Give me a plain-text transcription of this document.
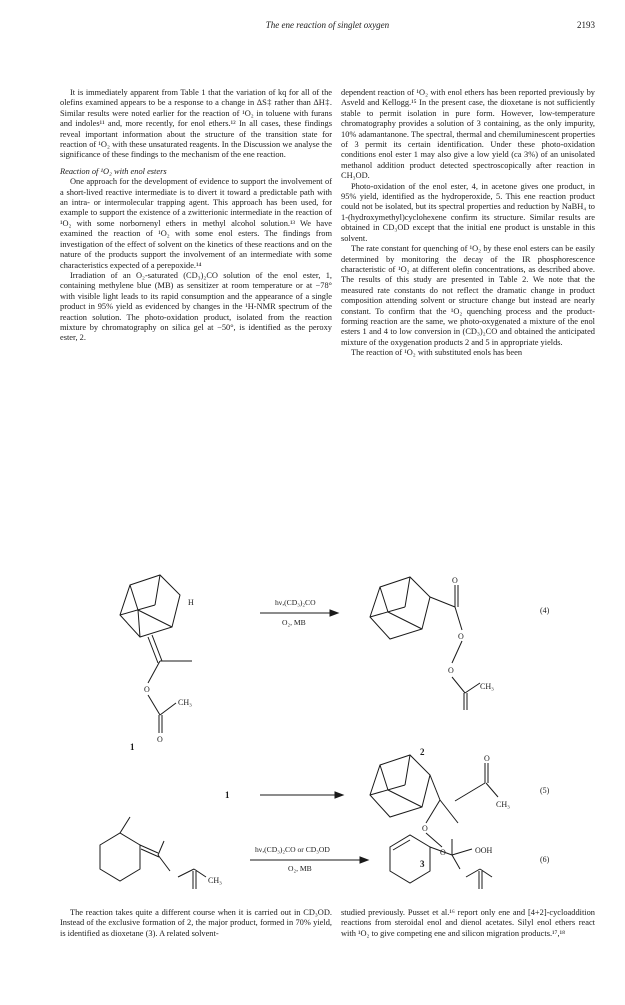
The ene reaction of singlet oxygen	2193

It is immediately apparent from Table 1 that the variation of kq for all of the olefins examined appears to be a response to a change in ΔS‡ rather than ΔH‡. Similar results were noted earlier for the reaction of ¹O₂ in toluene with furans and indoles¹¹ and, more recently, for enol ethers.¹² In all cases, these findings reveal important information about the structure of the transition state for reaction of ¹O₂ with these unsaturated reagents. In the Discussion we analyse the significance of these findings to the mechanism of the ene reaction.

Reaction of ¹O₂ with enol esters

One approach for the development of evidence to support the involvement of a short-lived reactive intermediate is to divert it toward a predictable path with an intra- or intermolecular trapping agent. This approach has been used, for example to support the existence of a zwitterionic intermediate in the reaction of ¹O₂ with some norbornenyl ethers in methyl alcohol solution.¹³ We have examined the reaction of ¹O₂ with some enol esters. The findings from investigation of the effect of solvent on the kinetics of these reactions and on the nature of the products support the involvement of an intermediate with some characteristics expected of a perepoxide.¹⁴

Irradiation of an O₂-saturated (CD₃)₂CO solution of the enol ester, 1, containing methylene blue (MB) as sensitizer at room temperature or at −78° with visible light leads to its rapid consumption and the appearance of a single product in 95% yield as evidenced by changes in the ¹H-NMR spectrum of the reaction solution. The photo-oxidation product, isolated from the reaction mixture by chromatography on silica gel at −50°, is identified as the peroxy ester, 2.

dependent reaction of ¹O₂ with enol ethers has been reported previously by Asveld and Kellogg.¹⁵ In the present case, the dioxetane is not sufficiently stable to permit isolation in pure form. However, low-temperature chromatography provides a solution of 3 containing, as the only impurity, 10% adamantanone. The spectral, thermal and chemiluminescent properties of 3 permit its certain identification. Under these photo-oxidation conditions enol ester 1 may also give a low yield (ca 3%) of an unisolated methanol addition product detected spectroscopically after reaction in CH₃OD.

Photo-oxidation of the enol ester, 4, in acetone gives one product, in 95% yield, identified as the hydroperoxide, 5. This ene reaction product could not be isolated, but its spectral properties and reduction by NaBH₄ to 1-(hydroxymethyl)cyclohexene confirm its structure. Similar results are obtained in CD₃OD except that the initial ene product is unstable in this solvent.

The rate constant for quenching of ¹O₂ by these enol esters can be easily determined by monitoring the decay of the IR phosphorescence characteristic of ¹O₂ at different olefin concentrations, as described above. The results of this study are presented in Table 2. We note that the measured rate constants do not reflect the dramatic change in product composition attending solvent or structure change but instead are nearly constant. To confirm that the ¹O₂ quenching process and the product-forming reaction are the same, we photo-oxygenated a mixture of the enol esters 1 and 4 to low conversion in (CD₃)₂CO and obtained the anticipated mixture of the oxygenation products 2 and 5 in appropriate yields.

The reaction of ¹O₂ with substituted enols has been

hν,(CD₃)₂CO
O₂, MB
(4)
H
O
CH₃
O
1
O
O
O
CH₃
2
1	(5)
O
CH₃
O
O
3
hν,(CD₃)₂CO or CD₃OD
O₂, MB
(6)
OOH
CH₃

The reaction takes quite a different course when it is carried out in CD₃OD. Instead of the exclusive formation of 2, the major product, formed in 70% yield, is identified as dioxetane (3). A related solvent-

studied previously. Pusset et al.¹⁶ report only ene and [4+2]-cycloaddition reactions from steroidal enol and dienol acetates. Silyl enol ethers react with ¹O₂ to give competing ene and silicon migration products.¹⁷,¹⁸
